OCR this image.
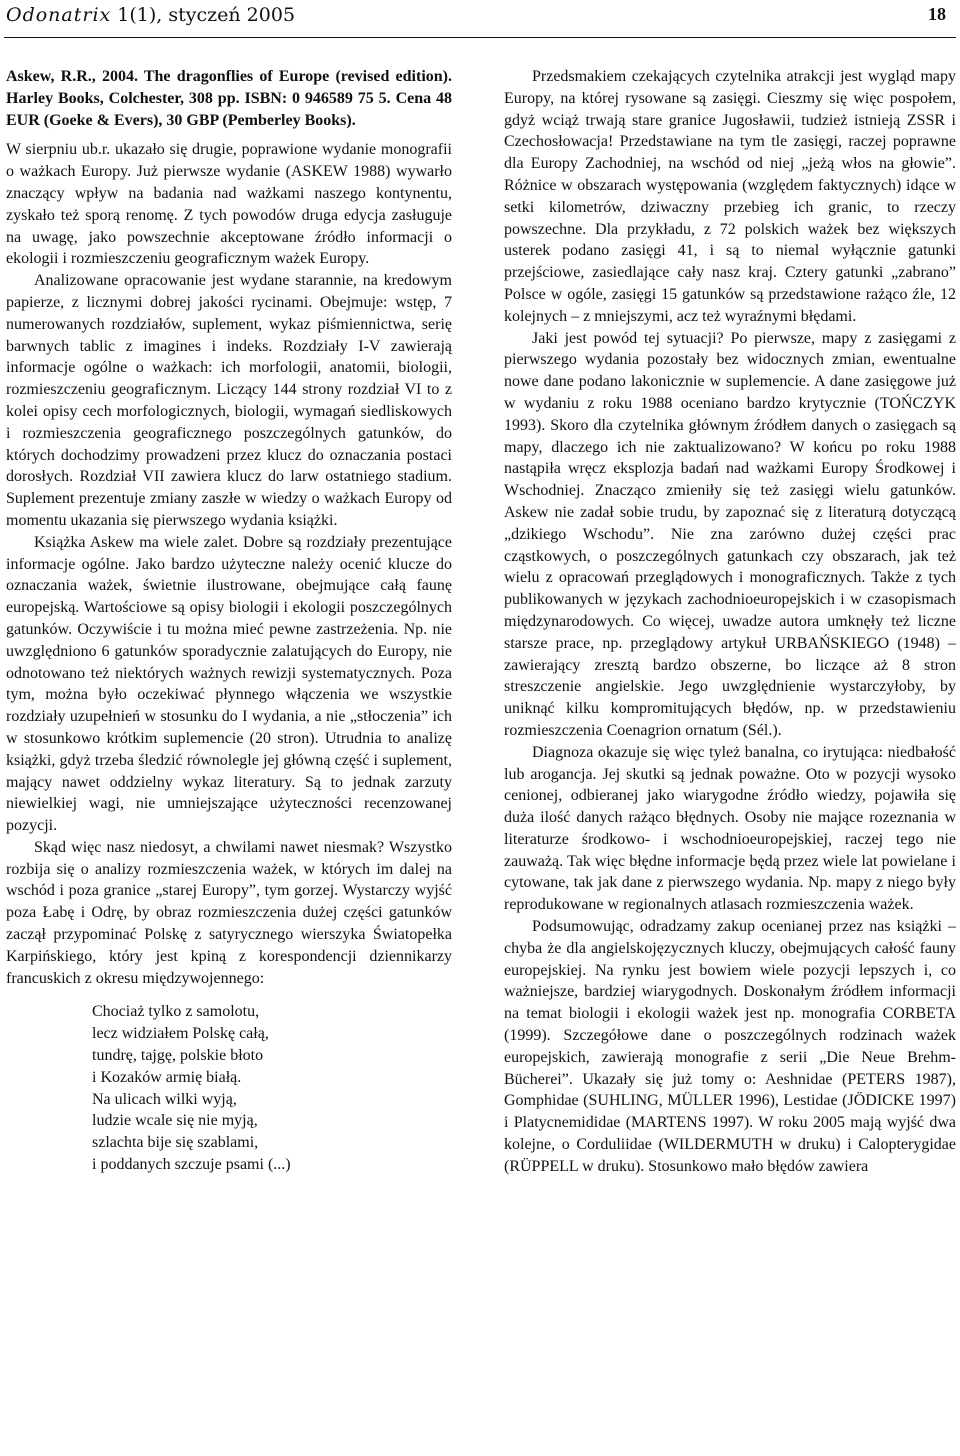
Odonatrix 1(1), styczeń 2005	18

Askew, R.R., 2004. The dragonflies of Europe (revised edition). Harley Books, Colchester, 308 pp. ISBN: 0 946589 75 5. Cena 48 EUR (Goeke & Evers), 30 GBP (Pemberley Books).

W sierpniu ub.r. ukazało się drugie, poprawione wydanie monografii o ważkach Europy. Już pierwsze wydanie (ASKEW 1988) wywarło znaczący wpływ na badania nad ważkami naszego kontynentu, zyskało też sporą renomę. Z tych powodów druga edycja zasługuje na uwagę, jako powszechnie akceptowane źródło informacji o ekologii i rozmieszczeniu geograficznym ważek Europy.

Analizowane opracowanie jest wydane starannie, na kredowym papierze, z licznymi dobrej jakości rycinami. Obejmuje: wstęp, 7 numerowanych rozdziałów, suplement, wykaz piśmiennictwa, serię barwnych tablic z imagines i indeks. Rozdziały I-V zawierają informacje ogólne o ważkach: ich morfologii, anatomii, biologii, rozmieszczeniu geograficznym. Liczący 144 strony rozdział VI to z kolei opisy cech morfologicznych, biologii, wymagań siedliskowych i rozmieszczenia geograficznego poszczególnych gatunków, do których dochodzimy prowadzeni przez klucz do oznaczania postaci dorosłych. Rozdział VII zawiera klucz do larw ostatniego stadium. Suplement prezentuje zmiany zaszłe w wiedzy o ważkach Europy od momentu ukazania się pierwszego wydania książki.

Książka Askew ma wiele zalet. Dobre są rozdziały prezentujące informacje ogólne. Jako bardzo użyteczne należy ocenić klucze do oznaczania ważek, świetnie ilustrowane, obejmujące całą faunę europejską. Wartościowe są opisy biologii i ekologii poszczególnych gatunków. Oczywiście i tu można mieć pewne zastrzeżenia. Np. nie uwzględniono 6 gatunków sporadycznie zalatujących do Europy, nie odnotowano też niektórych ważnych rewizji systematycznych. Poza tym, można było oczekiwać płynnego włączenia we wszystkie rozdziały uzupełnień w stosunku do I wydania, a nie „stłoczenia” ich w stosunkowo krótkim suplemencie (20 stron). Utrudnia to analizę książki, gdyż trzeba śledzić równolegle jej główną część i suplement, mający nawet oddzielny wykaz literatury. Są to jednak zarzuty niewielkiej wagi, nie umniejszające użyteczności recenzowanej pozycji.

Skąd więc nasz niedosyt, a chwilami nawet niesmak? Wszystko rozbija się o analizy rozmieszczenia ważek, w których im dalej na wschód i poza granice „starej Europy”, tym gorzej. Wystarczy wyjść poza Łabę i Odrę, by obraz rozmieszczenia dużej części gatunków zaczął przypominać Polskę z satyrycznego wierszyka Światopełka Karpińskiego, który jest kpiną z korespondencji dziennikarzy francuskich z okresu międzywojennego:

Chociaż tylko z samolotu,
lecz widziałem Polskę całą,
tundrę, tajgę, polskie błoto
i Kozaków armię białą.
Na ulicach wilki wyją,
ludzie wcale się nie myją,
szlachta bije się szablami,
i poddanych szczuje psami (...)

Przedsmakiem czekających czytelnika atrakcji jest wygląd mapy Europy, na której rysowane są zasięgi. Cieszmy się więc pospołem, gdyż wciąż trwają stare granice Jugosławii, tudzież istnieją ZSSR i Czechosłowacja! Przedstawiane na tym tle zasięgi, raczej poprawne dla Europy Zachodniej, na wschód od niej „jeżą włos na głowie”. Różnice w obszarach występowania (względem faktycznych) idące w setki kilometrów, dziwaczny przebieg ich granic, to rzeczy powszechne. Dla przykładu, z 72 polskich ważek bez większych usterek podano zasięgi 41, i są to niemal wyłącznie gatunki przejściowe, zasiedlające cały nasz kraj. Cztery gatunki „zabrano” Polsce w ogóle, zasięgi 15 gatunków są przedstawione rażąco źle, 12 kolejnych – z mniejszymi, acz też wyraźnymi błędami.

Jaki jest powód tej sytuacji? Po pierwsze, mapy z zasięgami z pierwszego wydania pozostały bez widocznych zmian, ewentualne nowe dane podano lakonicznie w suplemencie. A dane zasięgowe już w wydaniu z roku 1988 oceniano bardzo krytycznie (TOŃCZYK 1993). Skoro dla czytelnika głównym źródłem danych o zasięgach są mapy, dlaczego ich nie zaktualizowano? W końcu po roku 1988 nastąpiła wręcz eksplozja badań nad ważkami Europy Środkowej i Wschodniej. Znacząco zmieniły się też zasięgi wielu gatunków. Askew nie zadał sobie trudu, by zapoznać się z literaturą dotyczącą „dzikiego Wschodu”. Nie zna zarówno dużej części prac cząstkowych, o poszczególnych gatunkach czy obszarach, jak też wielu z opracowań przeglądowych i monograficznych. Także z tych publikowanych w językach zachodnioeuropejskich i w czasopismach międzynarodowych. Co więcej, uwadze autora umknęły też liczne starsze prace, np. przeglądowy artykuł URBAŃSKIEGO (1948) – zawierający zresztą bardzo obszerne, bo liczące aż 8 stron streszczenie angielskie. Jego uwzględnienie wystarczyłoby, by uniknąć kilku kompromitujących błędów, np. w przedstawieniu rozmieszczenia Coenagrion ornatum (Sél.).

Diagnoza okazuje się więc tyleż banalna, co irytująca: niedbałość lub arogancja. Jej skutki są jednak poważne. Oto w pozycji wysoko cenionej, odbieranej jako wiarygodne źródło wiedzy, pojawiła się duża ilość danych rażąco błędnych. Osoby nie mające rozeznania w literaturze środkowo- i wschodnioeuropejskiej, raczej tego nie zauważą. Tak więc błędne informacje będą przez wiele lat powielane i cytowane, tak jak dane z pierwszego wydania. Np. mapy z niego były reprodukowane w regionalnych atlasach rozmieszczenia ważek.

Podsumowując, odradzamy zakup ocenianej przez nas książki – chyba że dla angielskojęzycznych kluczy, obejmujących całość fauny europejskiej. Na rynku jest bowiem wiele pozycji lepszych i, co ważniejsze, bardziej wiarygodnych. Doskonałym źródłem informacji na temat biologii i ekologii ważek jest np. monografia CORBETA (1999). Szczegółowe dane o poszczególnych rodzinach ważek europejskich, zawierają monografie z serii „Die Neue Brehm-Bücherei”. Ukazały się już tomy o: Aeshnidae (PETERS 1987), Gomphidae (SUHLING, MÜLLER 1996), Lestidae (JÖDICKE 1997) i Platycnemididae (MARTENS 1997). W roku 2005 mają wyjść dwa kolejne, o Corduliidae (WILDERMUTH w druku) i Calopterygidae (RÜPPELL w druku). Stosunkowo mało błędów zawiera
